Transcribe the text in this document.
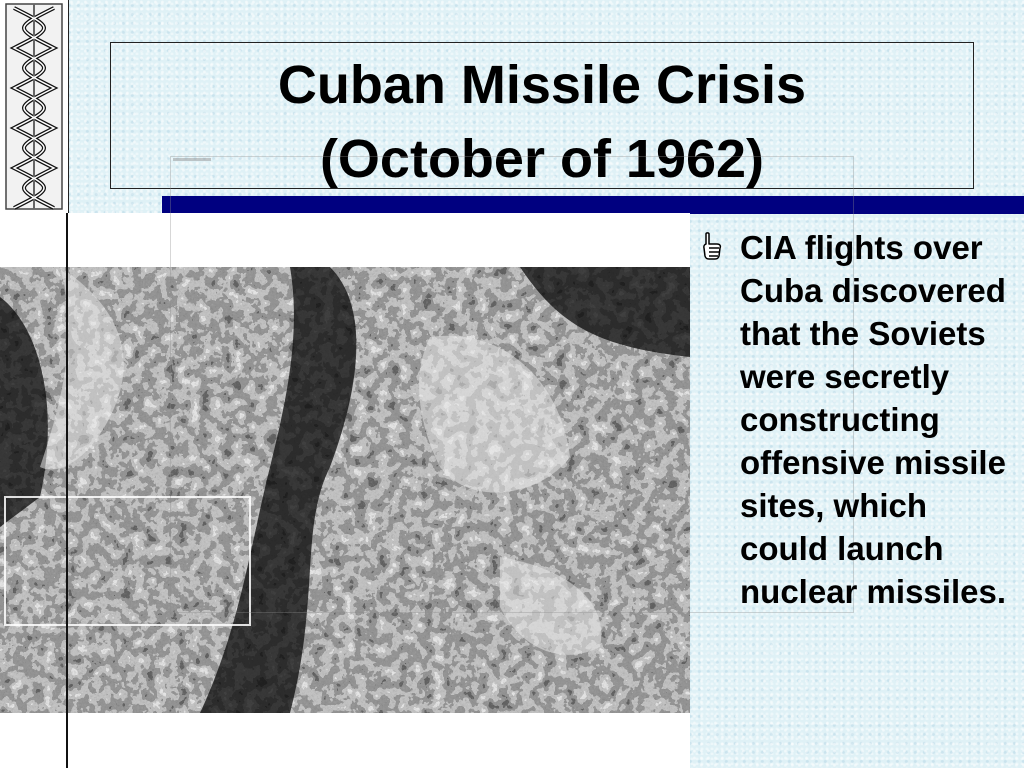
Cuban Missile Crisis
(October of 1962)

CIA flights over Cuba discovered that the Soviets were secretly constructing offensive missile sites, which could launch nuclear missiles.
